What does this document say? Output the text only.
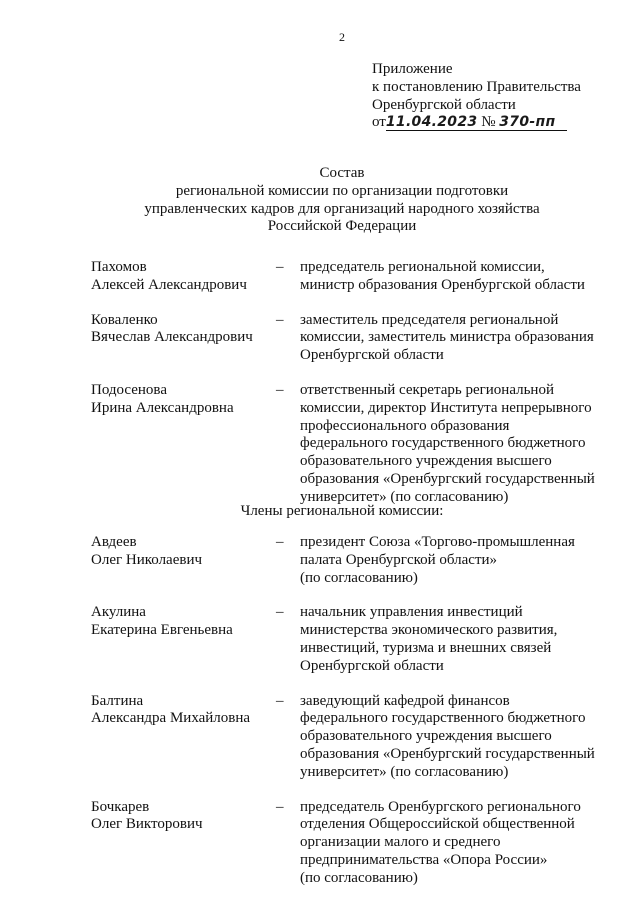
2
Приложение
к постановлению Правительства
Оренбургской области
от11.04.2023 № 370-пп
Состав
региональной комиссии по организации подготовки
управленческих кадров для организаций народного хозяйства
Российской Федерации
Пахомов
Алексей Александрович
–	председатель региональной комиссии,
министр образования Оренбургской области
Коваленко
Вячеслав Александрович
–	заместитель председателя региональной
комиссии, заместитель министра образования
Оренбургской области
Подосенова
Ирина Александровна
–	ответственный секретарь региональной
комиссии, директор Института непрерывного
профессионального образования
федерального государственного бюджетного
образовательного учреждения высшего
образования «Оренбургский государственный
университет» (по согласованию)
Члены региональной комиссии:
Авдеев
Олег Николаевич
–	президент Союза «Торгово-промышленная
палата Оренбургской области»
(по согласованию)
Акулина
Екатерина Евгеньевна
–	начальник управления инвестиций
министерства экономического развития,
инвестиций, туризма и внешних связей
Оренбургской области
Балтина
Александра Михайловна
–	заведующий кафедрой финансов
федерального государственного бюджетного
образовательного учреждения высшего
образования «Оренбургский государственный
университет» (по согласованию)
Бочкарев
Олег Викторович
–	председатель Оренбургского регионального
отделения Общероссийской общественной
организации малого и среднего
предпринимательства «Опора России»
(по согласованию)
